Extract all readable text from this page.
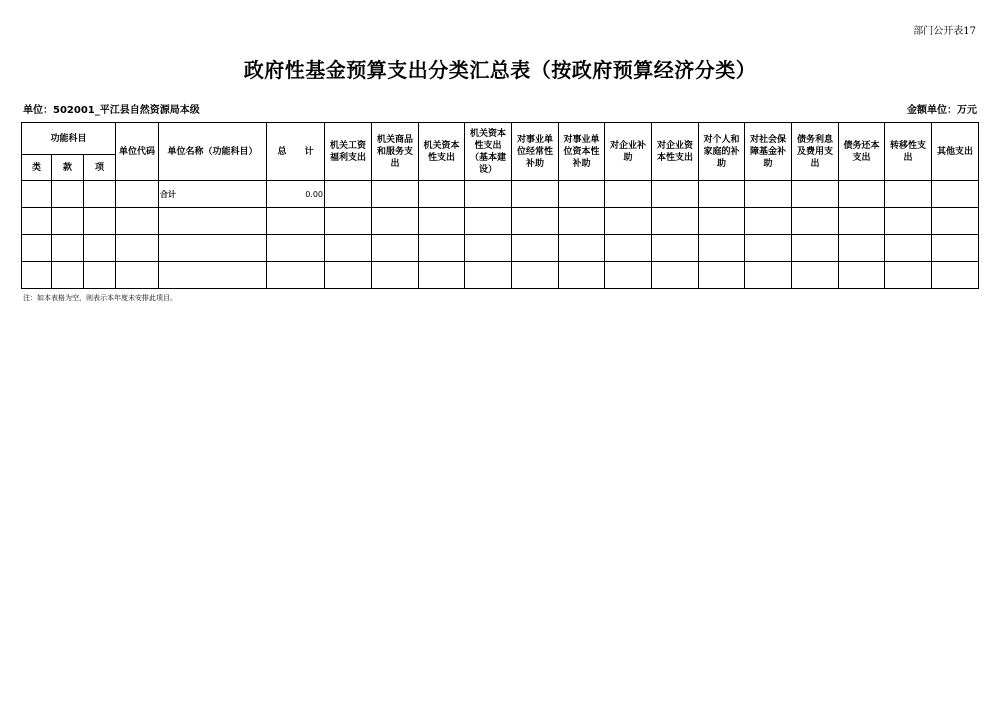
部门公开表17
政府性基金预算支出分类汇总表（按政府预算经济分类）
单位：502001_平江县自然资源局本级	金额单位：万元
功能科目			单位代码	单位名称（功能科目）	总　　计	机关工资福利支出	机关商品和服务支出	机关资本性支出	机关资本性支出（基本建设）	对事业单位经常性补助	对事业单位资本性补助	对企业补助	对企业资本性支出	对个人和家庭的补助	对社会保障基金补助	债务利息及费用支出	债务还本支出	转移性支出	其他支出
类	款	项																	
				合计	0.00														

注：如本表格为空，则表示本年度未安排此项目。
